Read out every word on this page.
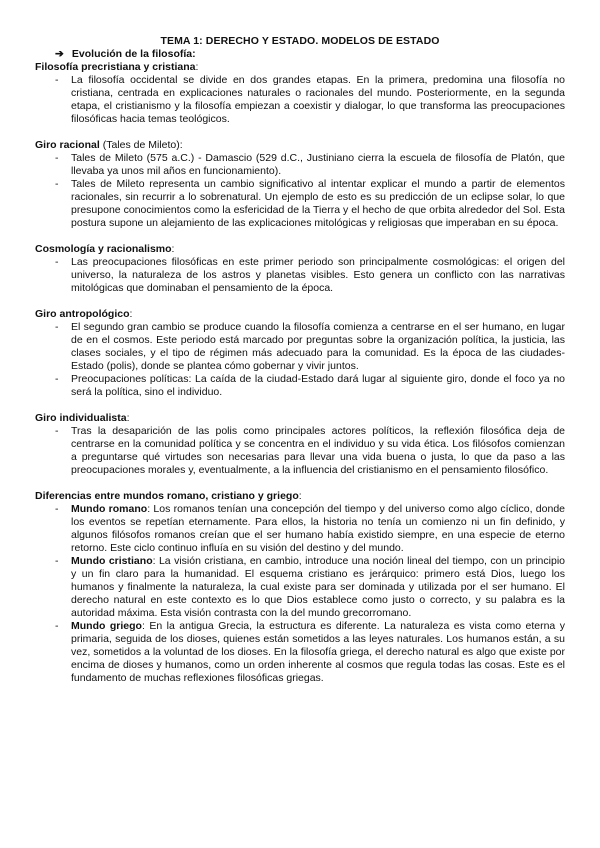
TEMA 1: DERECHO Y ESTADO. MODELOS DE ESTADO
➔ Evolución de la filosofía:
Filosofía precristiana y cristiana:
- La filosofía occidental se divide en dos grandes etapas. En la primera, predomina una filosofía no cristiana, centrada en explicaciones naturales o racionales del mundo. Posteriormente, en la segunda etapa, el cristianismo y la filosofía empiezan a coexistir y dialogar, lo que transforma las preocupaciones filosóficas hacia temas teológicos.
Giro racional (Tales de Mileto):
- Tales de Mileto (575 a.C.) - Damascio (529 d.C., Justiniano cierra la escuela de filosofía de Platón, que llevaba ya unos mil años en funcionamiento).
- Tales de Mileto representa un cambio significativo al intentar explicar el mundo a partir de elementos racionales, sin recurrir a lo sobrenatural. Un ejemplo de esto es su predicción de un eclipse solar, lo que presupone conocimientos como la esfericidad de la Tierra y el hecho de que orbita alrededor del Sol. Esta postura supone un alejamiento de las explicaciones mitológicas y religiosas que imperaban en su época.
Cosmología y racionalismo:
- Las preocupaciones filosóficas en este primer periodo son principalmente cosmológicas: el origen del universo, la naturaleza de los astros y planetas visibles. Esto genera un conflicto con las narrativas mitológicas que dominaban el pensamiento de la época.
Giro antropológico:
- El segundo gran cambio se produce cuando la filosofía comienza a centrarse en el ser humano, en lugar de en el cosmos. Este periodo está marcado por preguntas sobre la organización política, la justicia, las clases sociales, y el tipo de régimen más adecuado para la comunidad. Es la época de las ciudades-Estado (polis), donde se plantea cómo gobernar y vivir juntos.
- Preocupaciones políticas: La caída de la ciudad-Estado dará lugar al siguiente giro, donde el foco ya no será la política, sino el individuo.
Giro individualista:
- Tras la desaparición de las polis como principales actores políticos, la reflexión filosófica deja de centrarse en la comunidad política y se concentra en el individuo y su vida ética. Los filósofos comienzan a preguntarse qué virtudes son necesarias para llevar una vida buena o justa, lo que da paso a las preocupaciones morales y, eventualmente, a la influencia del cristianismo en el pensamiento filosófico.
Diferencias entre mundos romano, cristiano y griego:
- Mundo romano: Los romanos tenían una concepción del tiempo y del universo como algo cíclico, donde los eventos se repetían eternamente. Para ellos, la historia no tenía un comienzo ni un fin definido, y algunos filósofos romanos creían que el ser humano había existido siempre, en una especie de eterno retorno. Este ciclo continuo influía en su visión del destino y del mundo.
- Mundo cristiano: La visión cristiana, en cambio, introduce una noción lineal del tiempo, con un principio y un fin claro para la humanidad. El esquema cristiano es jerárquico: primero está Dios, luego los humanos y finalmente la naturaleza, la cual existe para ser dominada y utilizada por el ser humano. El derecho natural en este contexto es lo que Dios establece como justo o correcto, y su palabra es la autoridad máxima. Esta visión contrasta con la del mundo grecorromano.
- Mundo griego: En la antigua Grecia, la estructura es diferente. La naturaleza es vista como eterna y primaria, seguida de los dioses, quienes están sometidos a las leyes naturales. Los humanos están, a su vez, sometidos a la voluntad de los dioses. En la filosofía griega, el derecho natural es algo que existe por encima de dioses y humanos, como un orden inherente al cosmos que regula todas las cosas. Este es el fundamento de muchas reflexiones filosóficas griegas.
